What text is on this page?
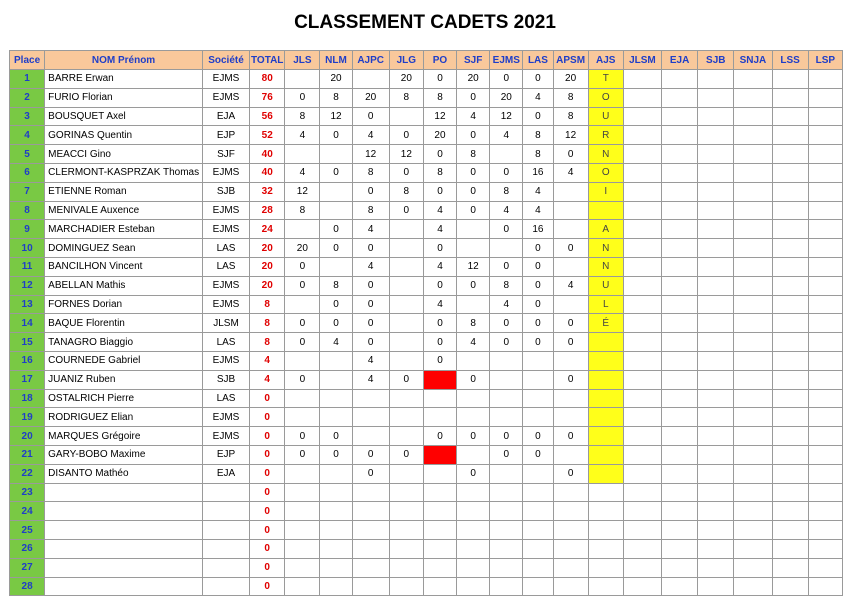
CLASSEMENT CADETS 2021
Place	NOM Prénom	Société	TOTAL	JLS	NLM	AJPC	JLG	PO	SJF	EJMS	LAS	APSM	AJS	JLSM	EJA	SJB	SNJA	LSS	LSP
1	BARRE Erwan	EJMS	80		20		20	0	20	0	0	20	T						
2	FURIO Florian	EJMS	76	0	8	20	8	8	0	20	4	8	O						
3	BOUSQUET Axel	EJA	56	8	12	0		12	4	12	0	8	U						
4	GORINAS Quentin	EJP	52	4	0	4	0	20	0	4	8	12	R						
5	MEACCI Gino	SJF	40			12	12	0	8		8	0	N						
6	CLERMONT-KASPRZAK Thomas	EJMS	40	4	0	8	0	8	0	0	16	4	O						
7	ETIENNE Roman	SJB	32	12		0	8	0	0	8	4		I						
8	MENIVALE Auxence	EJMS	28	8		8	0	4	0	4	4								
9	MARCHADIER Esteban	EJMS	24		0	4		4		0	16		A						
10	DOMINGUEZ Sean	LAS	20	20	0	0		0			0	0	N						
11	BANCILHON Vincent	LAS	20	0		4		4	12	0	0		N						
12	ABELLAN Mathis	EJMS	20	0	8	0		0	0	8	0	4	U						
13	FORNES Dorian	EJMS	8		0	0		4		4	0		L						
14	BAQUE Florentin	JLSM	8	0	0	0		0	8	0	0	0	É						
15	TANAGRO Biaggio	LAS	8	0	4	0		0	4	0	0	0							
16	COURNEDE Gabriel	EJMS	4			4		0											
17	JUANIZ Ruben	SJB	4	0		4	0		0			0							
18	OSTALRICH Pierre	LAS	0																
19	RODRIGUEZ Elian	EJMS	0																
20	MARQUES Grégoire	EJMS	0	0	0			0	0	0	0	0							
21	GARY-BOBO Maxime	EJP	0	0	0	0	0			0	0								
22	DISANTO Mathéo	EJA	0			0			0			0							
23			0																
24			0																
25			0																
26			0																
27			0																
28			0																
